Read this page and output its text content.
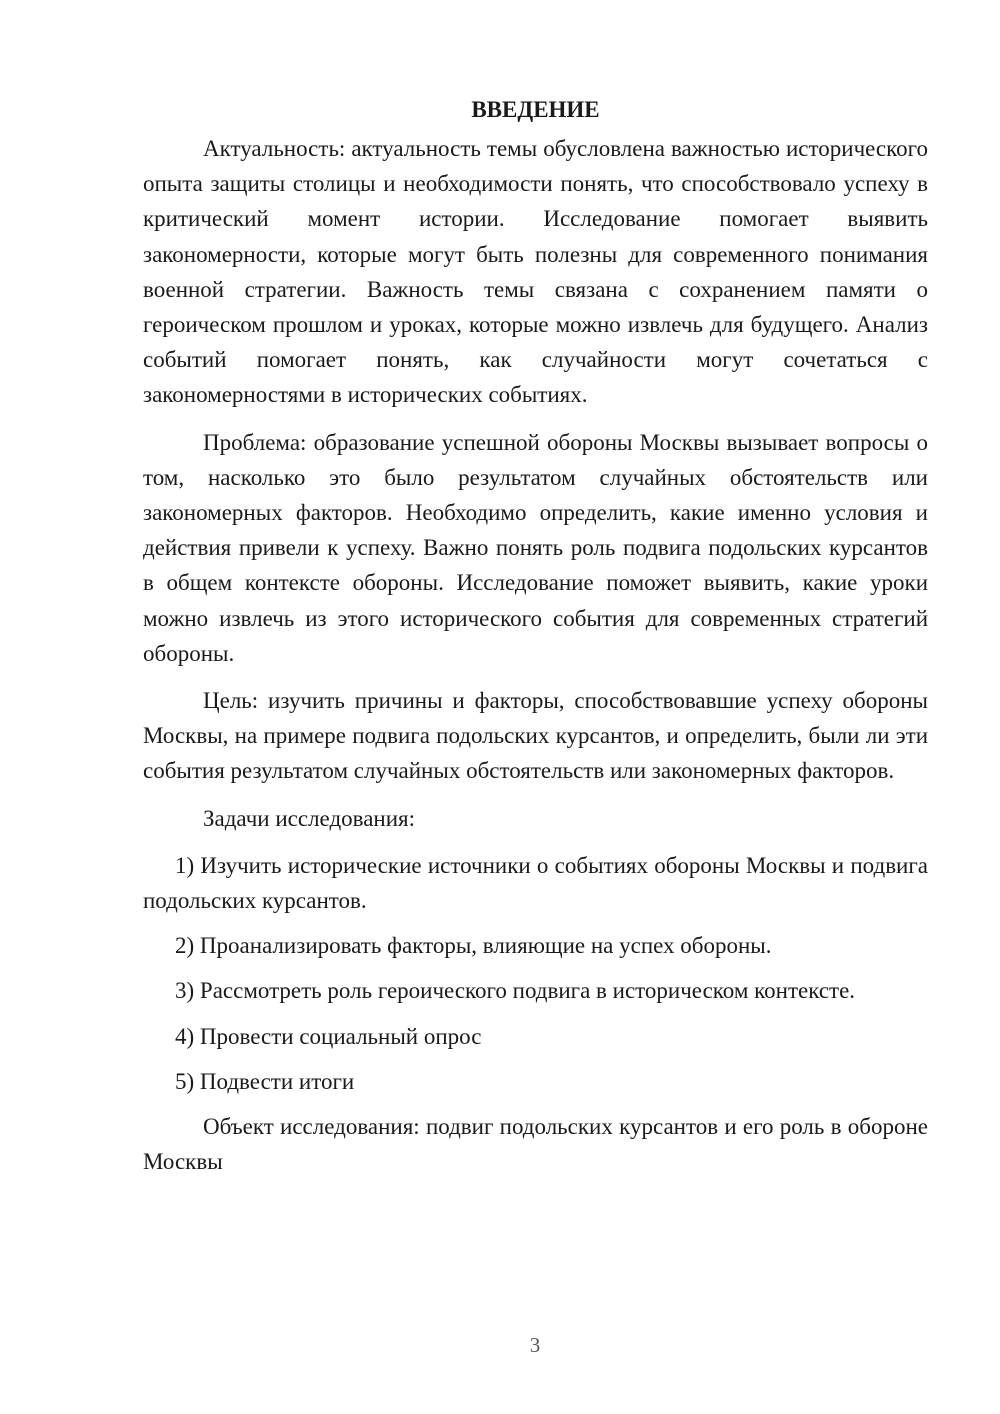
ВВЕДЕНИЕ

Актуальность: актуальность темы обусловлена важностью исторического опыта защиты столицы и необходимости понять, что способствовало успеху в критический момент истории. Исследование помогает выявить закономерности, которые могут быть полезны для современного понимания военной стратегии. Важность темы связана с сохранением памяти о героическом прошлом и уроках, которые можно извлечь для будущего. Анализ событий помогает понять, как случайности могут сочетаться с закономерностями в исторических событиях.

Проблема: образование успешной обороны Москвы вызывает вопросы о том, насколько это было результатом случайных обстоятельств или закономерных факторов. Необходимо определить, какие именно условия и действия привели к успеху. Важно понять роль подвига подольских курсантов в общем контексте обороны. Исследование поможет выявить, какие уроки можно извлечь из этого исторического события для современных стратегий обороны.

Цель: изучить причины и факторы, способствовавшие успеху обороны Москвы, на примере подвига подольских курсантов, и определить, были ли эти события результатом случайных обстоятельств или закономерных факторов.

Задачи исследования:

1) Изучить исторические источники о событиях обороны Москвы и подвига подольских курсантов.

2) Проанализировать факторы, влияющие на успех обороны.

3) Рассмотреть роль героического подвига в историческом контексте.

4) Провести социальный опрос

5) Подвести итоги

Объект исследования: подвиг подольских курсантов и его роль в обороне Москвы

3
